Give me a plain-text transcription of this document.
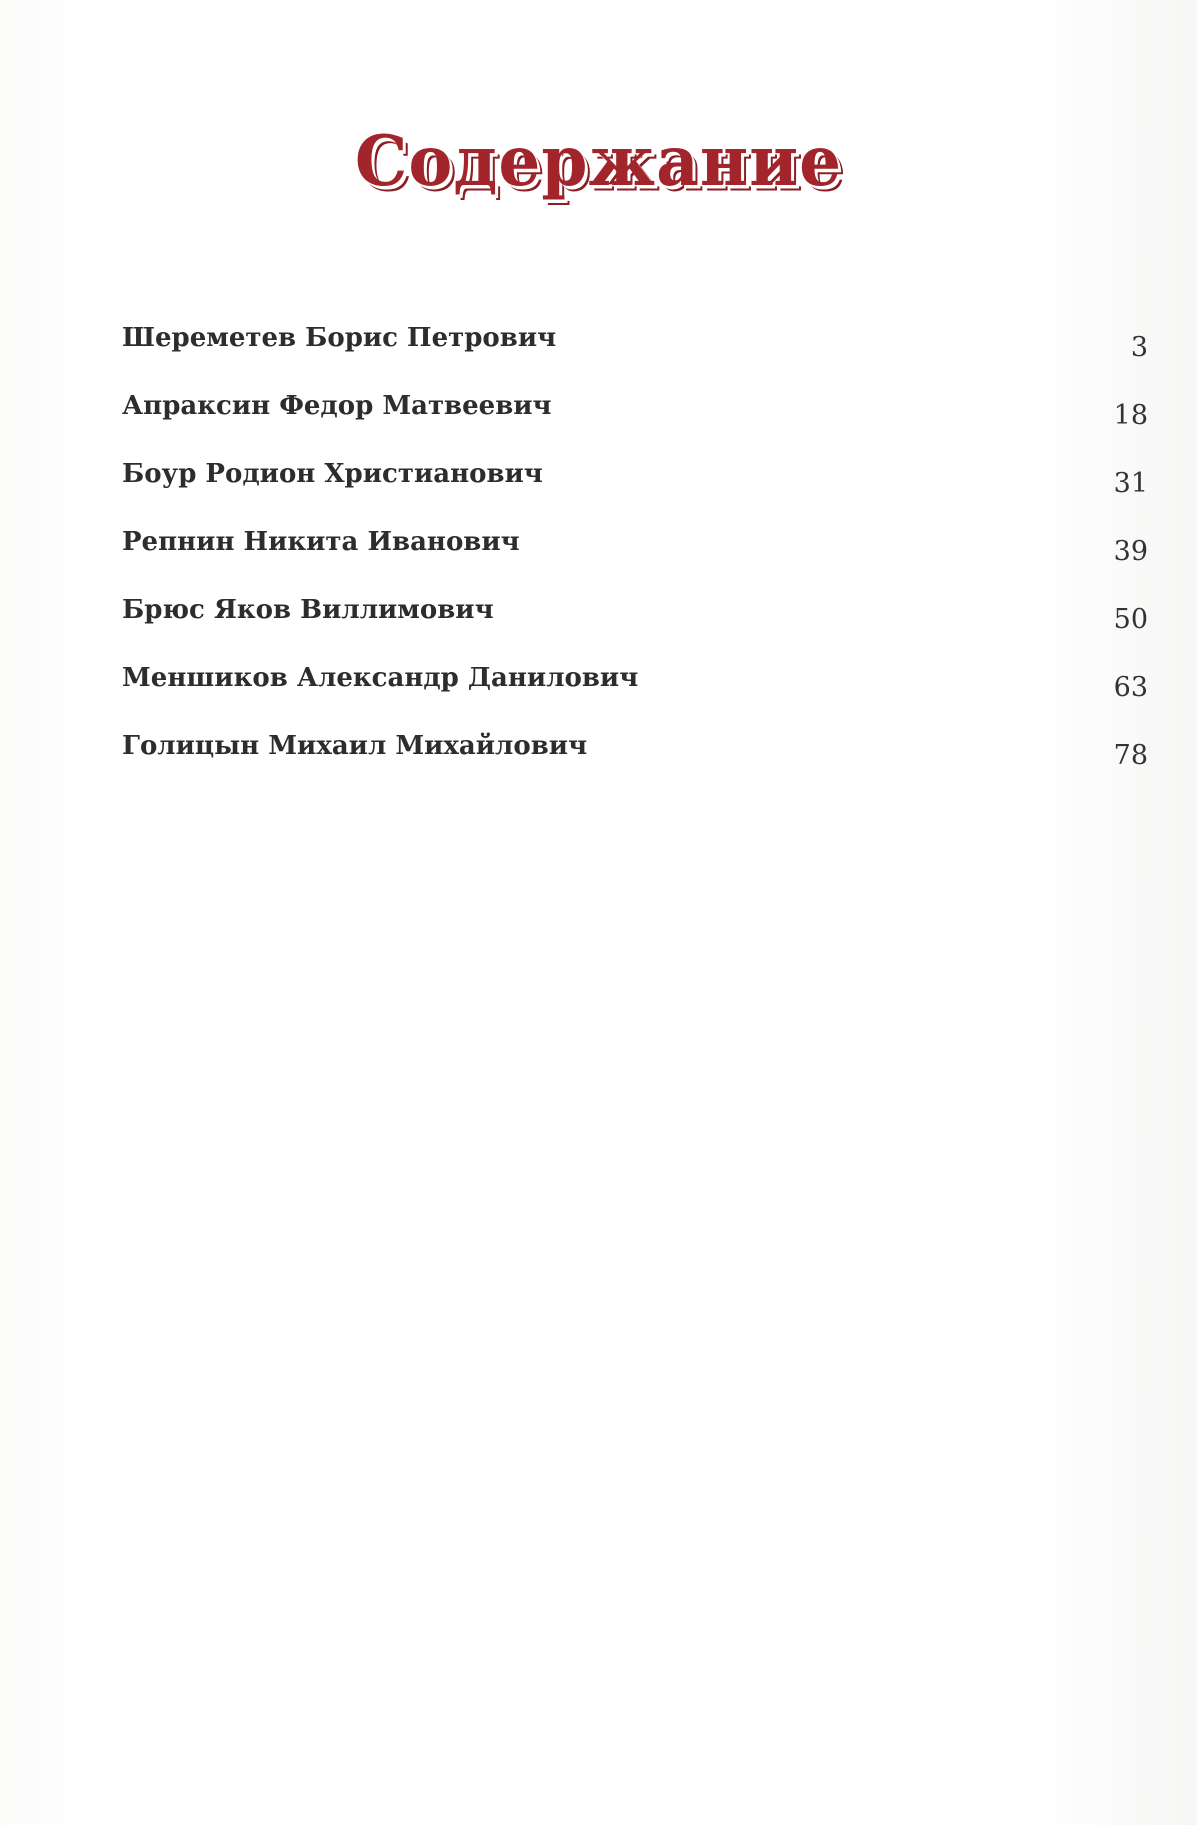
Содержание
Шереметев Борис Петрович	3
Апраксин Федор Матвеевич	18
Боур Родион Христианович	31
Репнин Никита Иванович	39
Брюс Яков Виллимович	50
Меншиков Александр Данилович	63
Голицын Михаил Михайлович	78
